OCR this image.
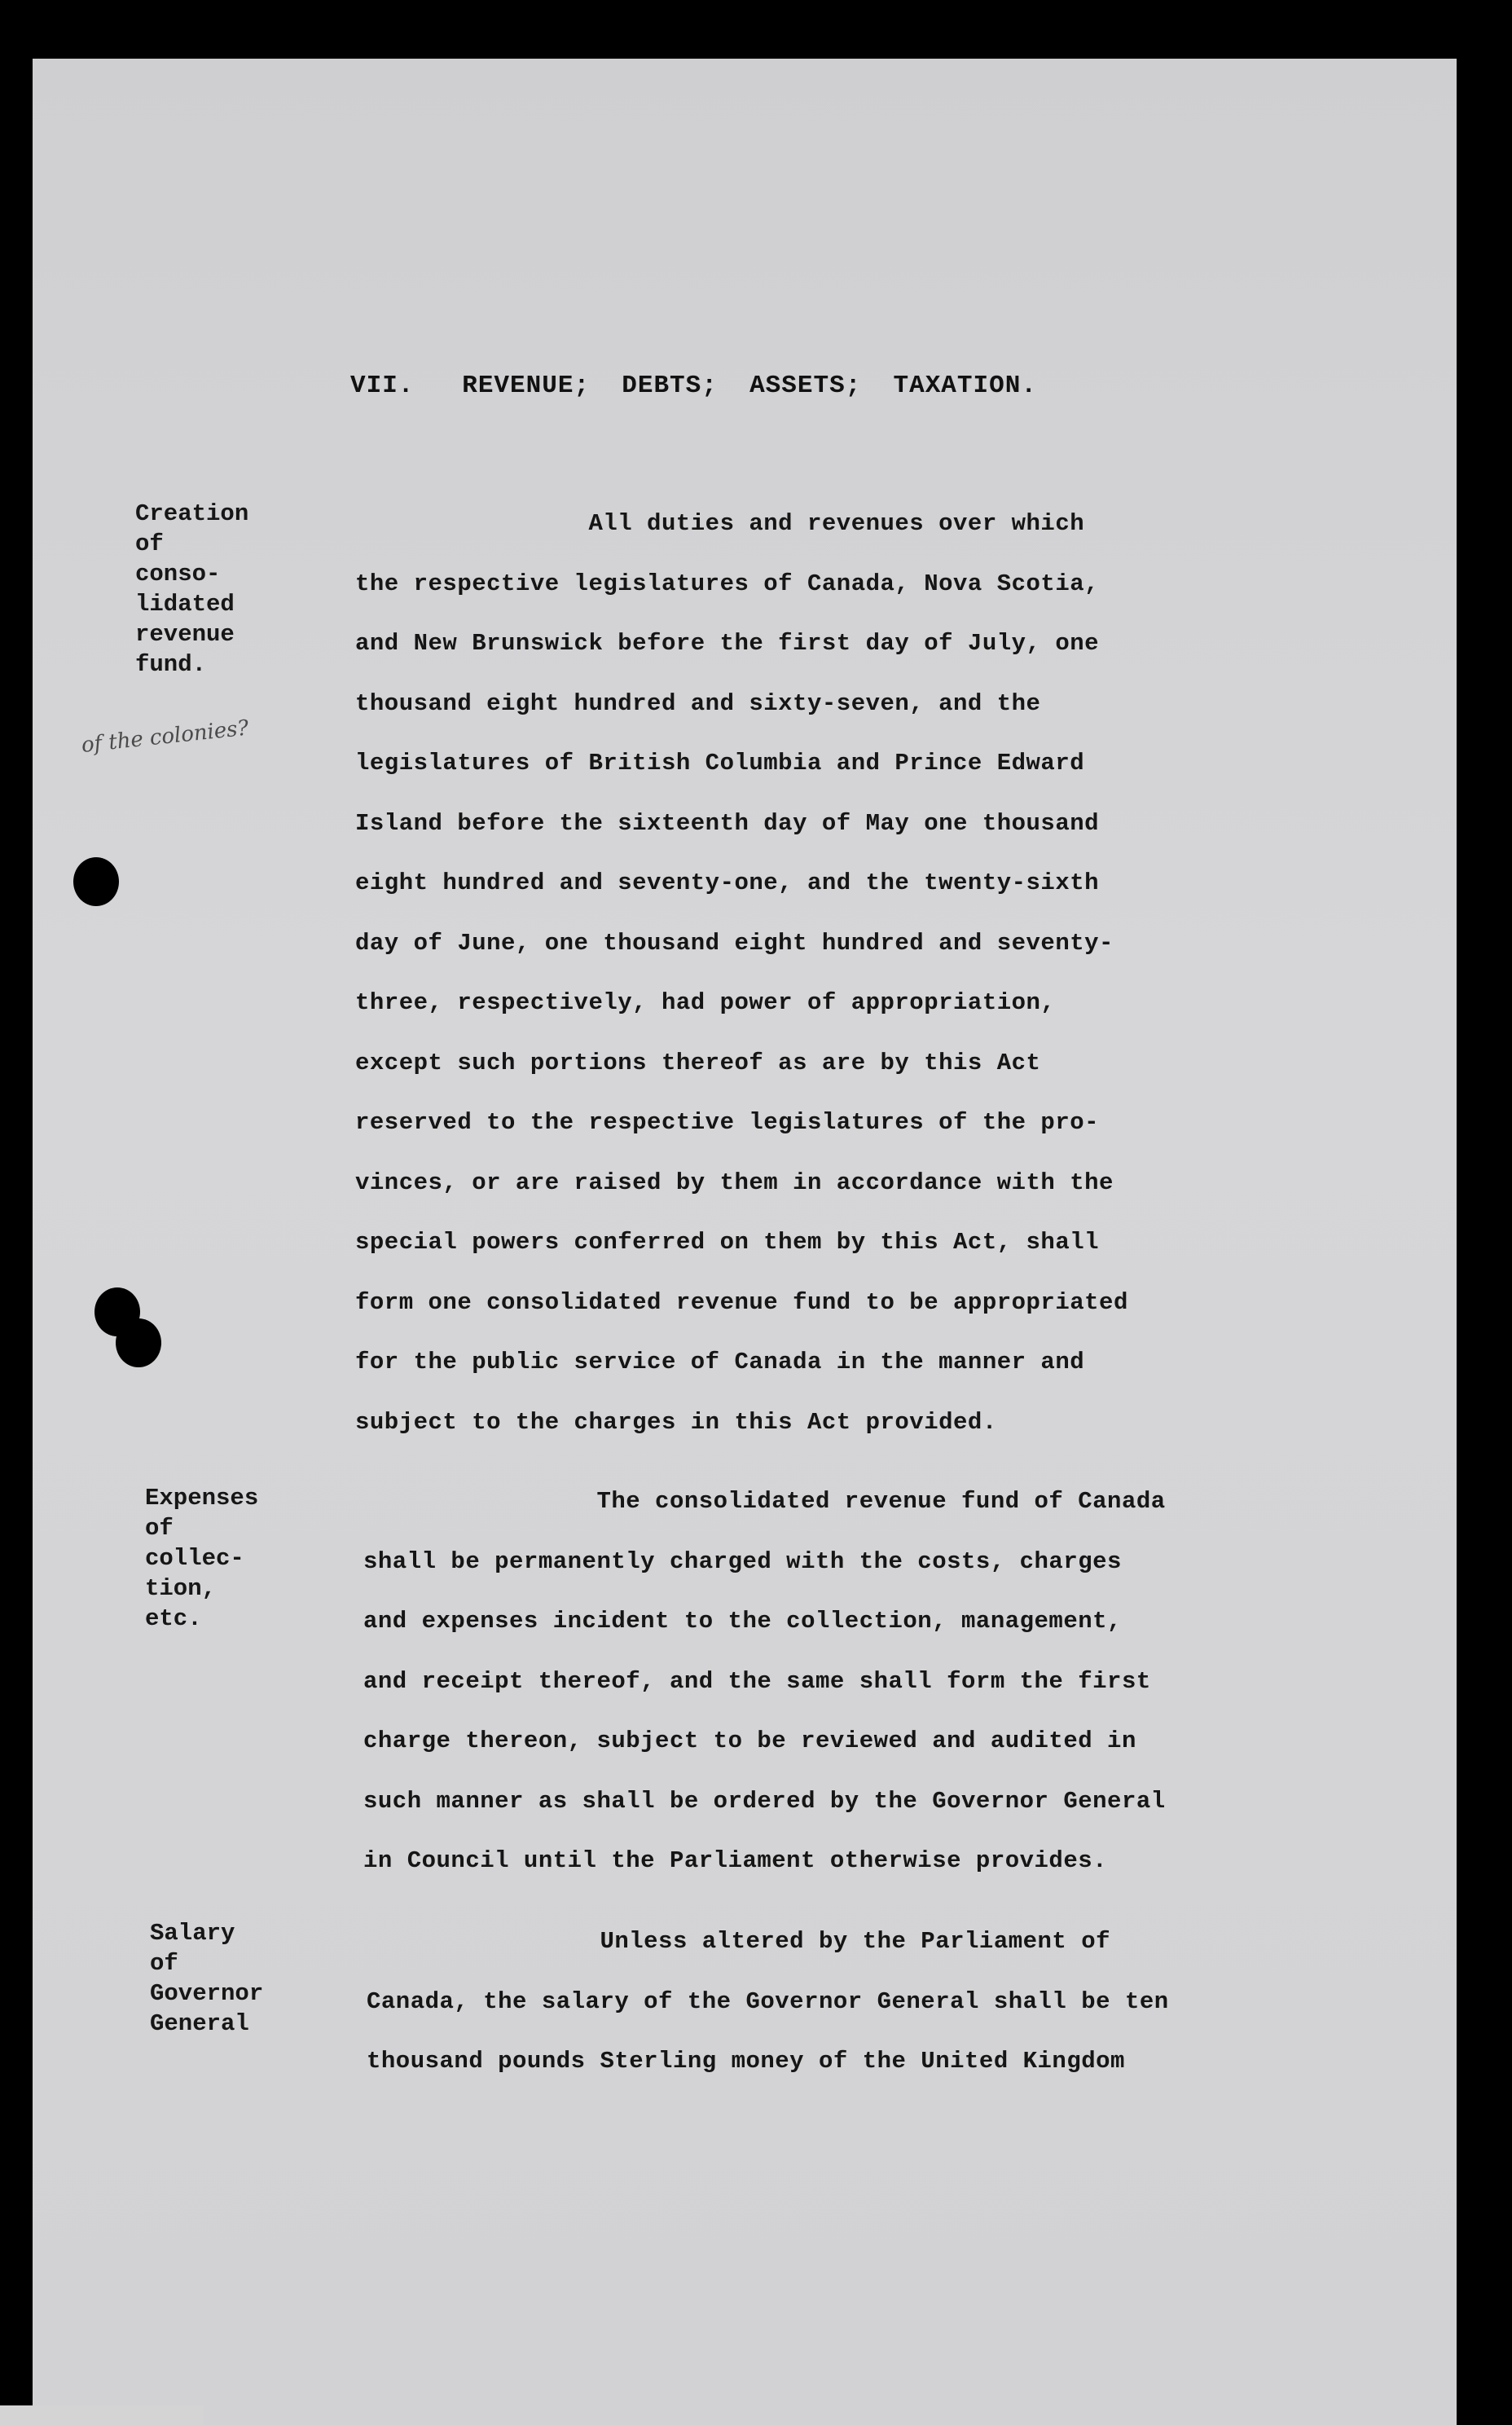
VII.   REVENUE;  DEBTS;  ASSETS;  TAXATION.
of the colonies?
Creation
of
conso-
lidated
revenue
fund.
All duties and revenues over which
the respective legislatures of Canada, Nova Scotia,
and New Brunswick before the first day of July, one
thousand eight hundred and sixty-seven, and the
legislatures of British Columbia and Prince Edward
Island before the sixteenth day of May one thousand
eight hundred and seventy-one, and the twenty-sixth
day of June, one thousand eight hundred and seventy-
three, respectively, had power of appropriation,
except such portions thereof as are by this Act
reserved to the respective legislatures of the pro-
vinces, or are raised by them in accordance with the
special powers conferred on them by this Act, shall
form one consolidated revenue fund to be appropriated
for the public service of Canada in the manner and
subject to the charges in this Act provided.
Expenses
of
collec-
tion,
etc.
The consolidated revenue fund of Canada
shall be permanently charged with the costs, charges
and expenses incident to the collection, management,
and receipt thereof, and the same shall form the first
charge thereon, subject to be reviewed and audited in
such manner as shall be ordered by the Governor General
in Council until the Parliament otherwise provides.
Salary
of
Governor
General
Unless altered by the Parliament of
Canada, the salary of the Governor General shall be ten
thousand pounds Sterling money of the United Kingdom
